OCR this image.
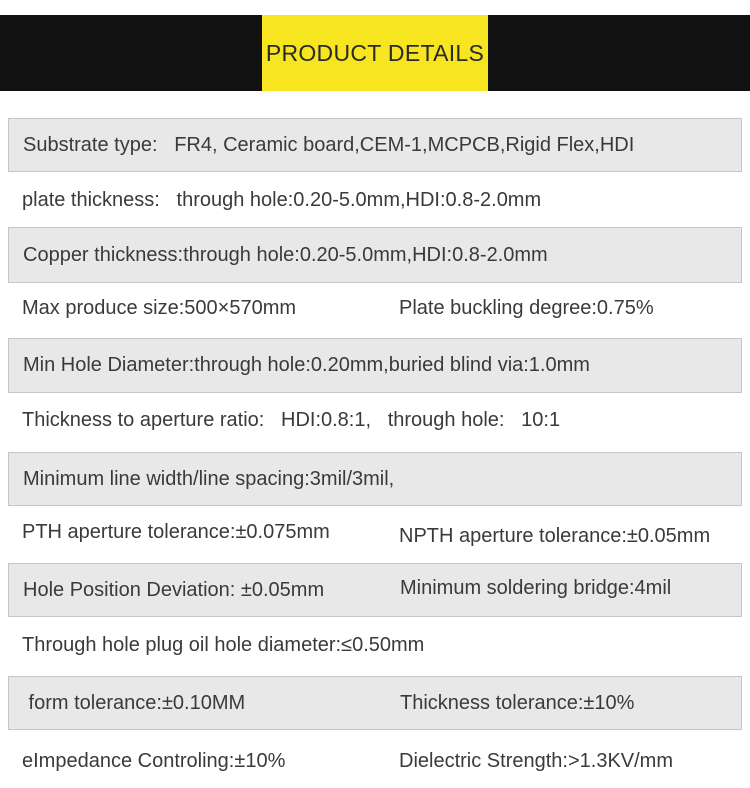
PRODUCT DETAILS
Substrate type:   FR4, Ceramic board,CEM-1,MCPCB,Rigid Flex,HDI
plate thickness:   through hole:0.20-5.0mm,HDI:0.8-2.0mm
Copper thickness:through hole:0.20-5.0mm,HDI:0.8-2.0mm
Max produce size:500×570mm	Plate buckling degree:0.75%
Min Hole Diameter:through hole:0.20mm,buried blind via:1.0mm
Thickness to aperture ratio:   HDI:0.8:1,   through hole:   10:1
Minimum line width/line spacing:3mil/3mil,
PTH aperture tolerance:±0.075mm	NPTH aperture tolerance:±0.05mm
Hole Position Deviation: ±0.05mm	Minimum soldering bridge:4mil
Through hole plug oil hole diameter:≤0.50mm
form tolerance:±0.10MM	Thickness tolerance:±10%
eImpedance Controling:±10%	Dielectric Strength:>1.3KV/mm
